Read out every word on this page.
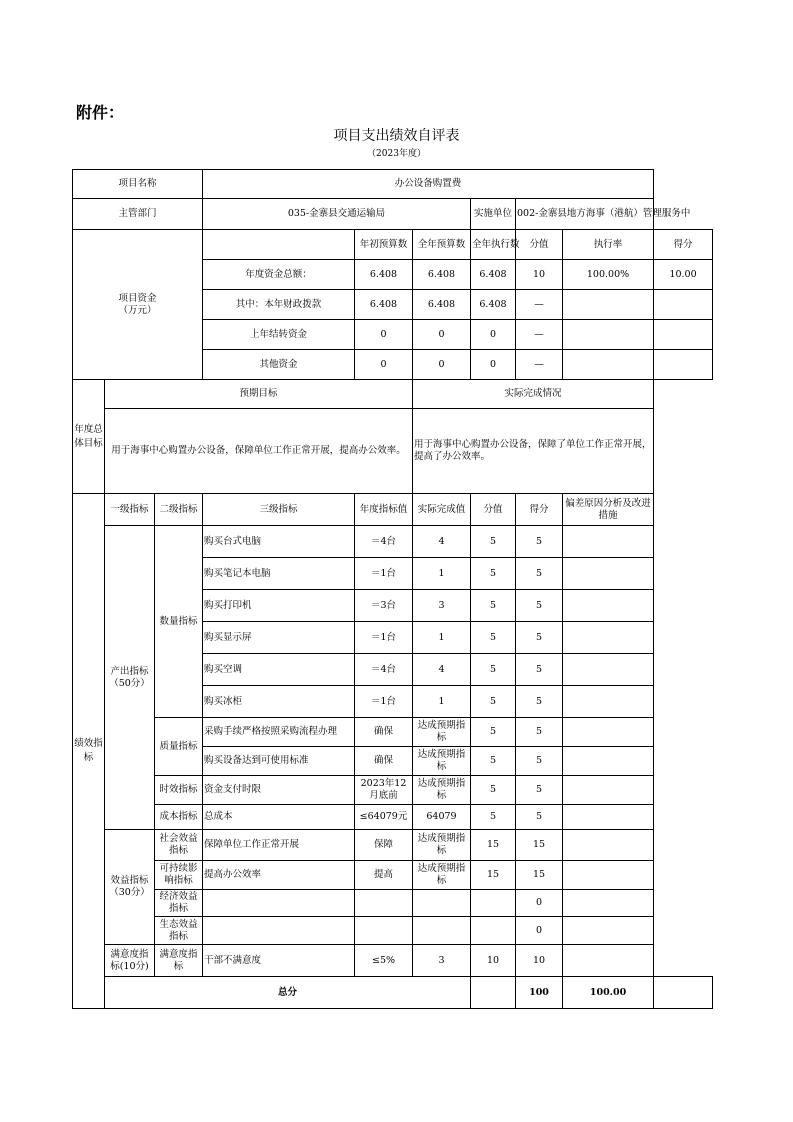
附件：
项目支出绩效自评表
（2023年度）
项目名称			办公设备购置费						
主管部门			035-金寨县交通运输局			实施单位	002-金寨县地方海事（港航）管理服务中		
项目资金
（万元）				年初预算数	全年预算数	全年执行数	分值	执行率	得分
			年度资金总额：	6.408	6.408	6.408	10	100.00%	10.00
			其中：本年财政拨款	6.408	6.408	6.408	—		
			上年结转资金	0	0	0	—		
			其他资金	0	0	0	—		
年度总体目标	预期目标				实际完成情况				
	用于海事中心购置办公设备，保障单位工作正常开展，提高办公效率。				用于海事中心购置办公设备，保障了单位工作正常开展，提高了办公效率。				
绩效指标	一级指标	二级指标	三级指标	年度指标值	实际完成值	分值	得分	偏差原因分析及改进措施	
	产出指标（50分）	数量指标	购买台式电脑	＝4台	4	5	5		
			购买笔记本电脑	＝1台	1	5	5		
			购买打印机	＝3台	3	5	5		
			购买显示屏	＝1台	1	5	5		
			购买空调	＝4台	4	5	5		
			购买冰柜	＝1台	1	5	5		
		质量指标	采购手续严格按照采购流程办理	确保	达成预期指标	5	5		
			购买设备达到可使用标准	确保	达成预期指标	5	5		
		时效指标	资金支付时限	2023年12月底前	达成预期指标	5	5		
		成本指标	总成本	≤64079元	64079	5	5		
	效益指标（30分）	社会效益指标	保障单位工作正常开展	保障	达成预期指标	15	15		
		可持续影响指标	提高办公效率	提高	达成预期指标	15	15		
		经济效益指标					0		
		生态效益指标					0		
	满意度指标(10分)	满意度指标	干部不满意度	≤5%	3	10	10		
	总分						100	100.00	
